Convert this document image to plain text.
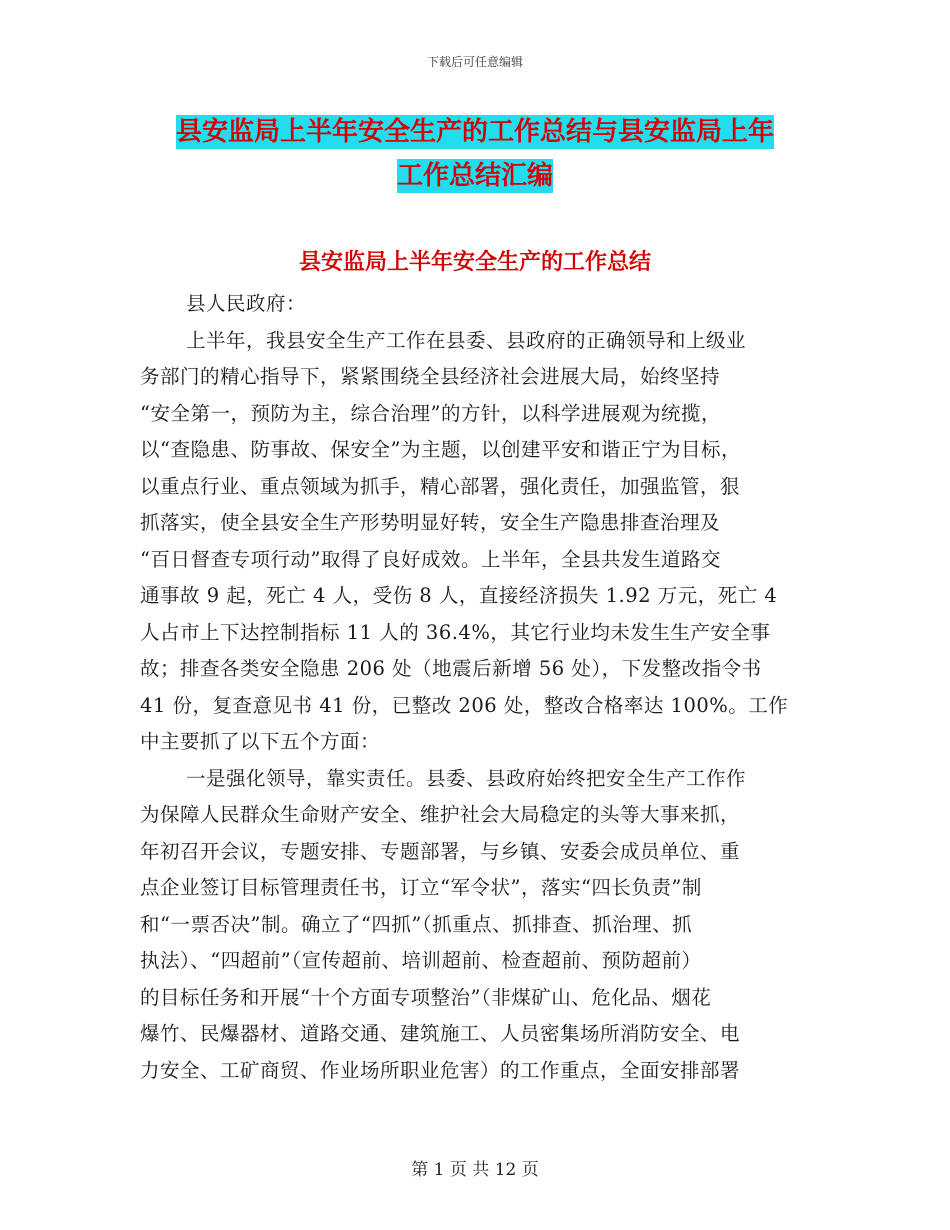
下载后可任意编辑
县安监局上半年安全生产的工作总结与县安监局上年
工作总结汇编
县安监局上半年安全生产的工作总结

县人民政府：

上半年，我县安全生产工作在县委、县政府的正确领导和上级业
务部门的精心指导下，紧紧围绕全县经济社会进展大局，始终坚持
“安全第一，预防为主，综合治理”的方针，以科学进展观为统揽，
以“查隐患、防事故、保安全”为主题，以创建平安和谐正宁为目标，
以重点行业、重点领域为抓手，精心部署，强化责任，加强监管，狠
抓落实，使全县安全生产形势明显好转，安全生产隐患排查治理及
“百日督查专项行动”取得了良好成效。上半年，全县共发生道路交
通事故 9 起，死亡 4 人，受伤 8 人，直接经济损失 1.92 万元，死亡 4
人占市上下达控制指标 11 人的 36.4%，其它行业均未发生生产安全事
故；排查各类安全隐患 206 处（地震后新增 56 处），下发整改指令书
41 份，复查意见书 41 份，已整改 206 处，整改合格率达 100%。工作
中主要抓了以下五个方面：

一是强化领导，靠实责任。县委、县政府始终把安全生产工作作
为保障人民群众生命财产安全、维护社会大局稳定的头等大事来抓，
年初召开会议，专题安排、专题部署，与乡镇、安委会成员单位、重
点企业签订目标管理责任书，订立“军令状”，落实“四长负责”制
和“一票否决”制。确立了“四抓”（抓重点、抓排查、抓治理、抓
执法）、“四超前”（宣传超前、培训超前、检查超前、预防超前）
的目标任务和开展“十个方面专项整治”（非煤矿山、危化品、烟花
爆竹、民爆器材、道路交通、建筑施工、人员密集场所消防安全、电
力安全、工矿商贸、作业场所职业危害）的工作重点，全面安排部署

第 1 页 共 12 页
